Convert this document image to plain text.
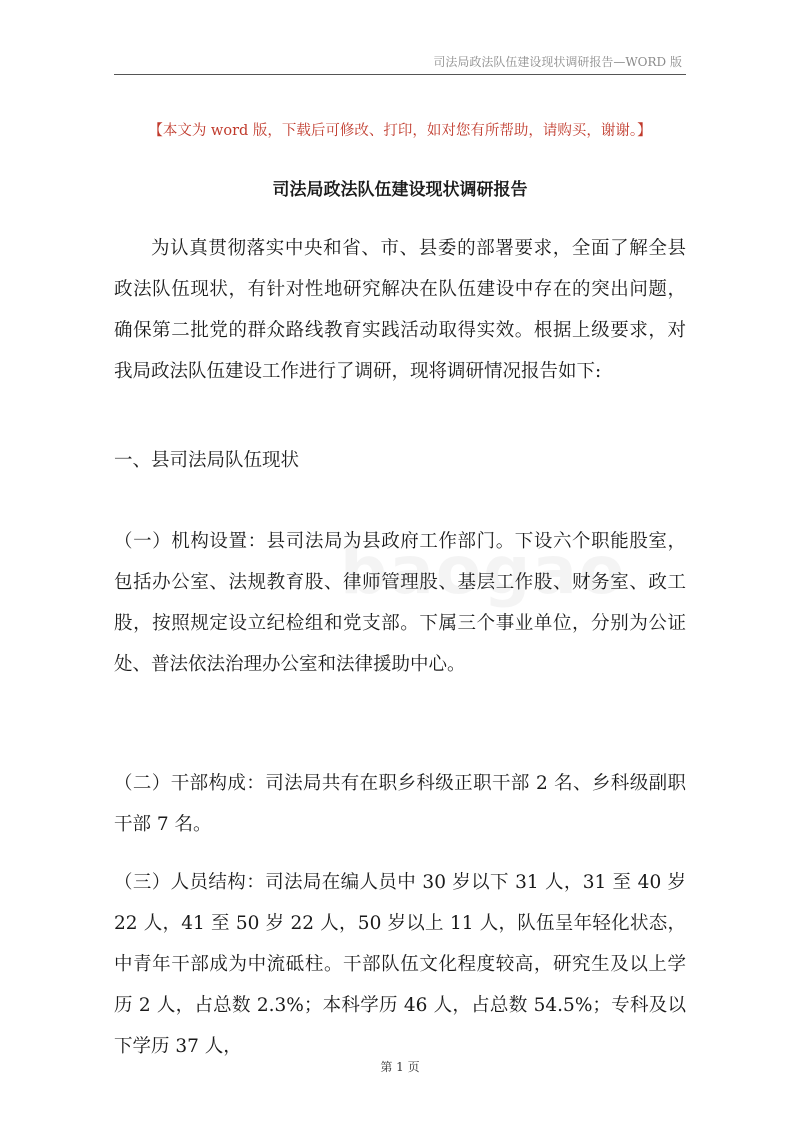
司法局政法队伍建设现状调研报告—WORD 版
【本文为 word 版，下载后可修改、打印，如对您有所帮助，请购买，谢谢。】
司法局政法队伍建设现状调研报告

为认真贯彻落实中央和省、市、县委的部署要求，全面了解全县政法队伍现状，有针对性地研究解决在队伍建设中存在的突出问题，确保第二批党的群众路线教育实践活动取得实效。根据上级要求，对我局政法队伍建设工作进行了调研，现将调研情况报告如下:

一、县司法局队伍现状

（一）机构设置：县司法局为县政府工作部门。下设六个职能股室，包括办公室、法规教育股、律师管理股、基层工作股、财务室、政工股，按照规定设立纪检组和党支部。下属三个事业单位，分别为公证处、普法依法治理办公室和法律援助中心。

（二）干部构成：司法局共有在职乡科级正职干部 2 名、乡科级副职干部 7 名。

（三）人员结构：司法局在编人员中 30 岁以下 31 人，31 至 40 岁 22 人，41 至 50 岁 22 人，50 岁以上 11 人，队伍呈年轻化状态，中青年干部成为中流砥柱。干部队伍文化程度较高，研究生及以上学历 2 人，占总数 2.3%；本科学历 46 人，占总数 54.5%；专科及以下学历 37 人，

第 1 页
